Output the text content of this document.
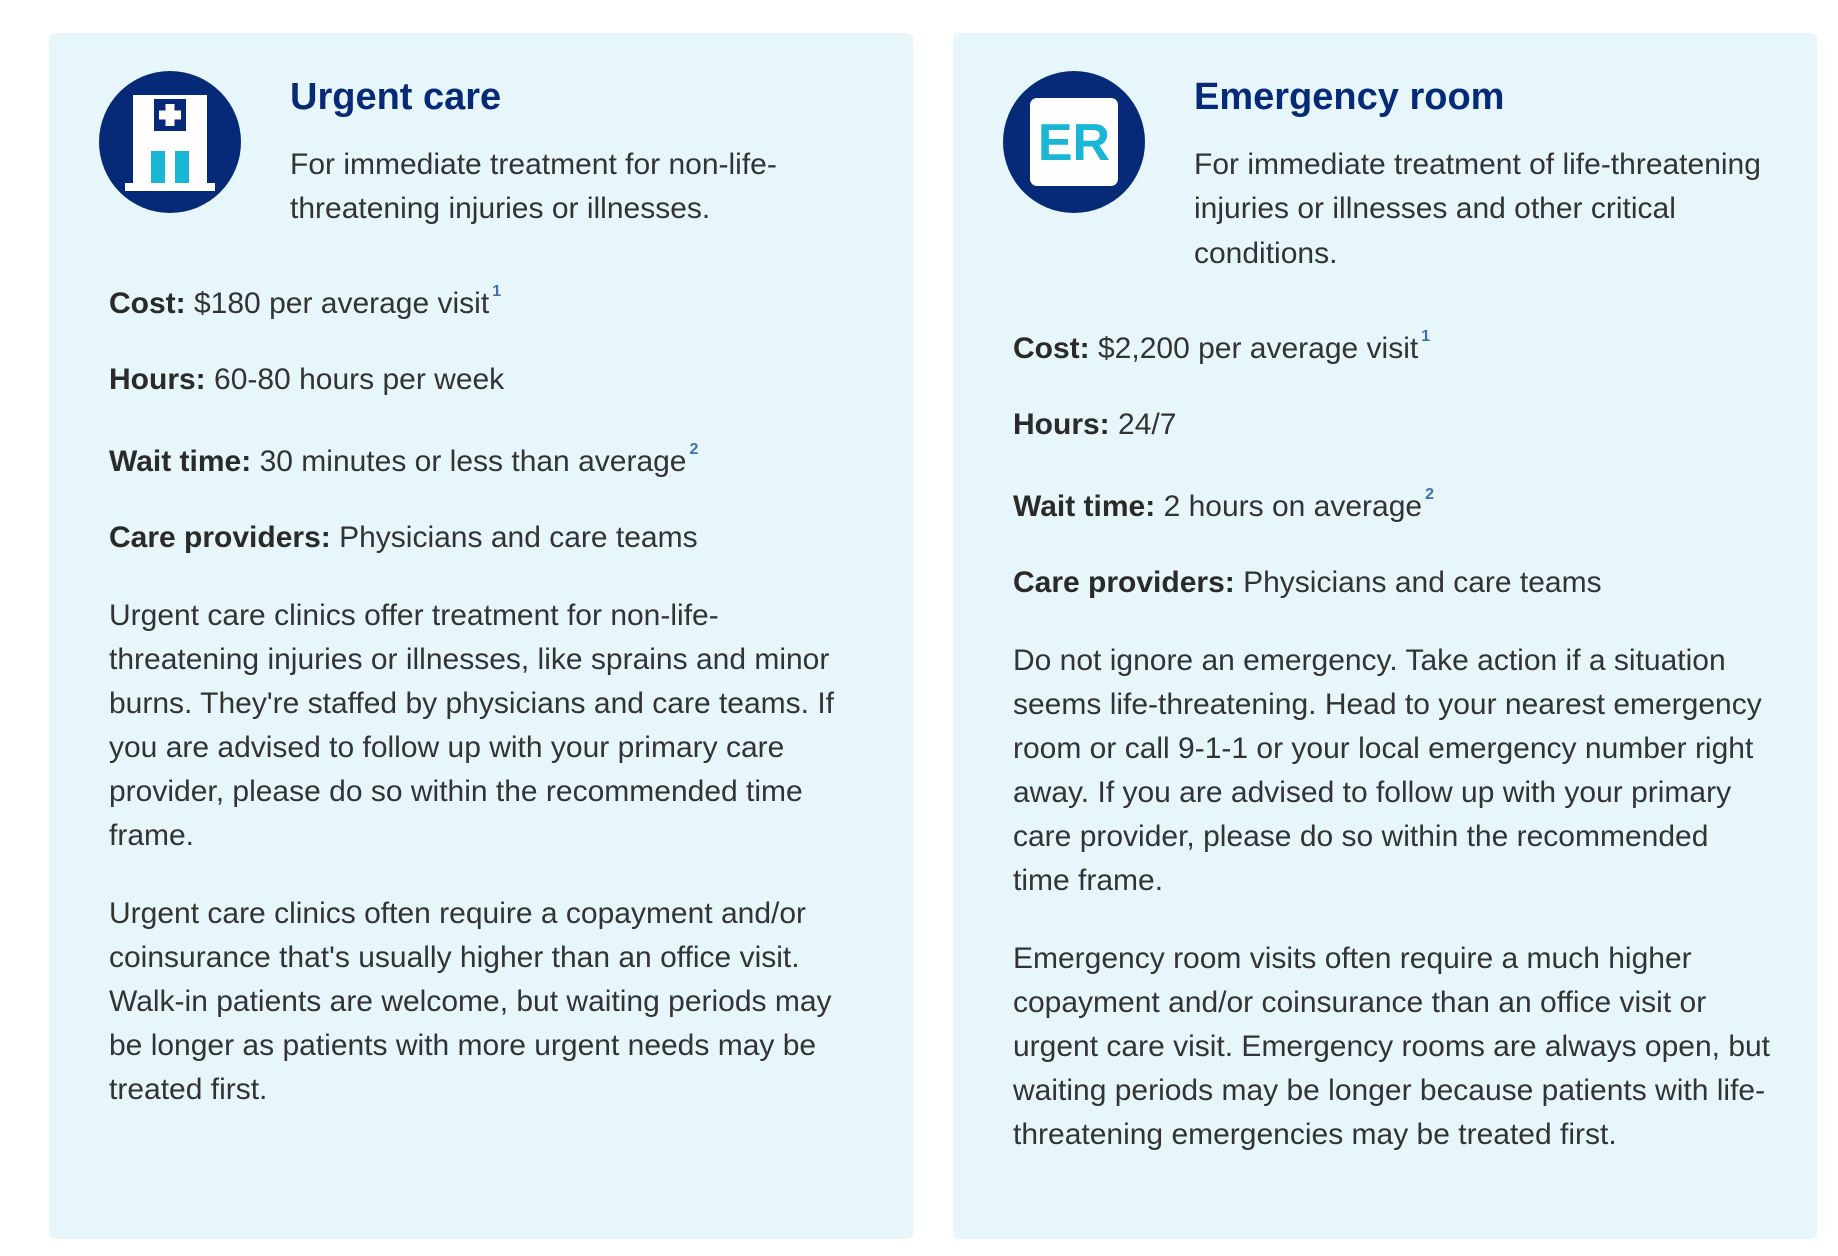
Urgent care

For immediate treatment for non-life-threatening injuries or illnesses.

Cost: $180 per average visit $^1$

Hours: 60-80 hours per week

Wait time: 30 minutes or less than average $^2$

Care providers: Physicians and care teams

Urgent care clinics offer treatment for non-life-threatening injuries or illnesses, like sprains and minor burns. They're staffed by physicians and care teams. If you are advised to follow up with your primary care provider, please do so within the recommended time frame.

Urgent care clinics often require a copayment and/or coinsurance that's usually higher than an office visit. Walk-in patients are welcome, but waiting periods may be longer as patients with more urgent needs may be treated first.

ER
Emergency room

For immediate treatment of life-threatening injuries or illnesses and other critical conditions.

Cost: $2,200 per average visit $^1$

Hours: 24/7

Wait time: 2 hours on average $^2$

Care providers: Physicians and care teams

Do not ignore an emergency. Take action if a situation seems life-threatening. Head to your nearest emergency room or call 9-1-1 or your local emergency number right away. If you are advised to follow up with your primary care provider, please do so within the recommended time frame.

Emergency room visits often require a much higher copayment and/or coinsurance than an office visit or urgent care visit. Emergency rooms are always open, but waiting periods may be longer because patients with life-threatening emergencies may be treated first.
